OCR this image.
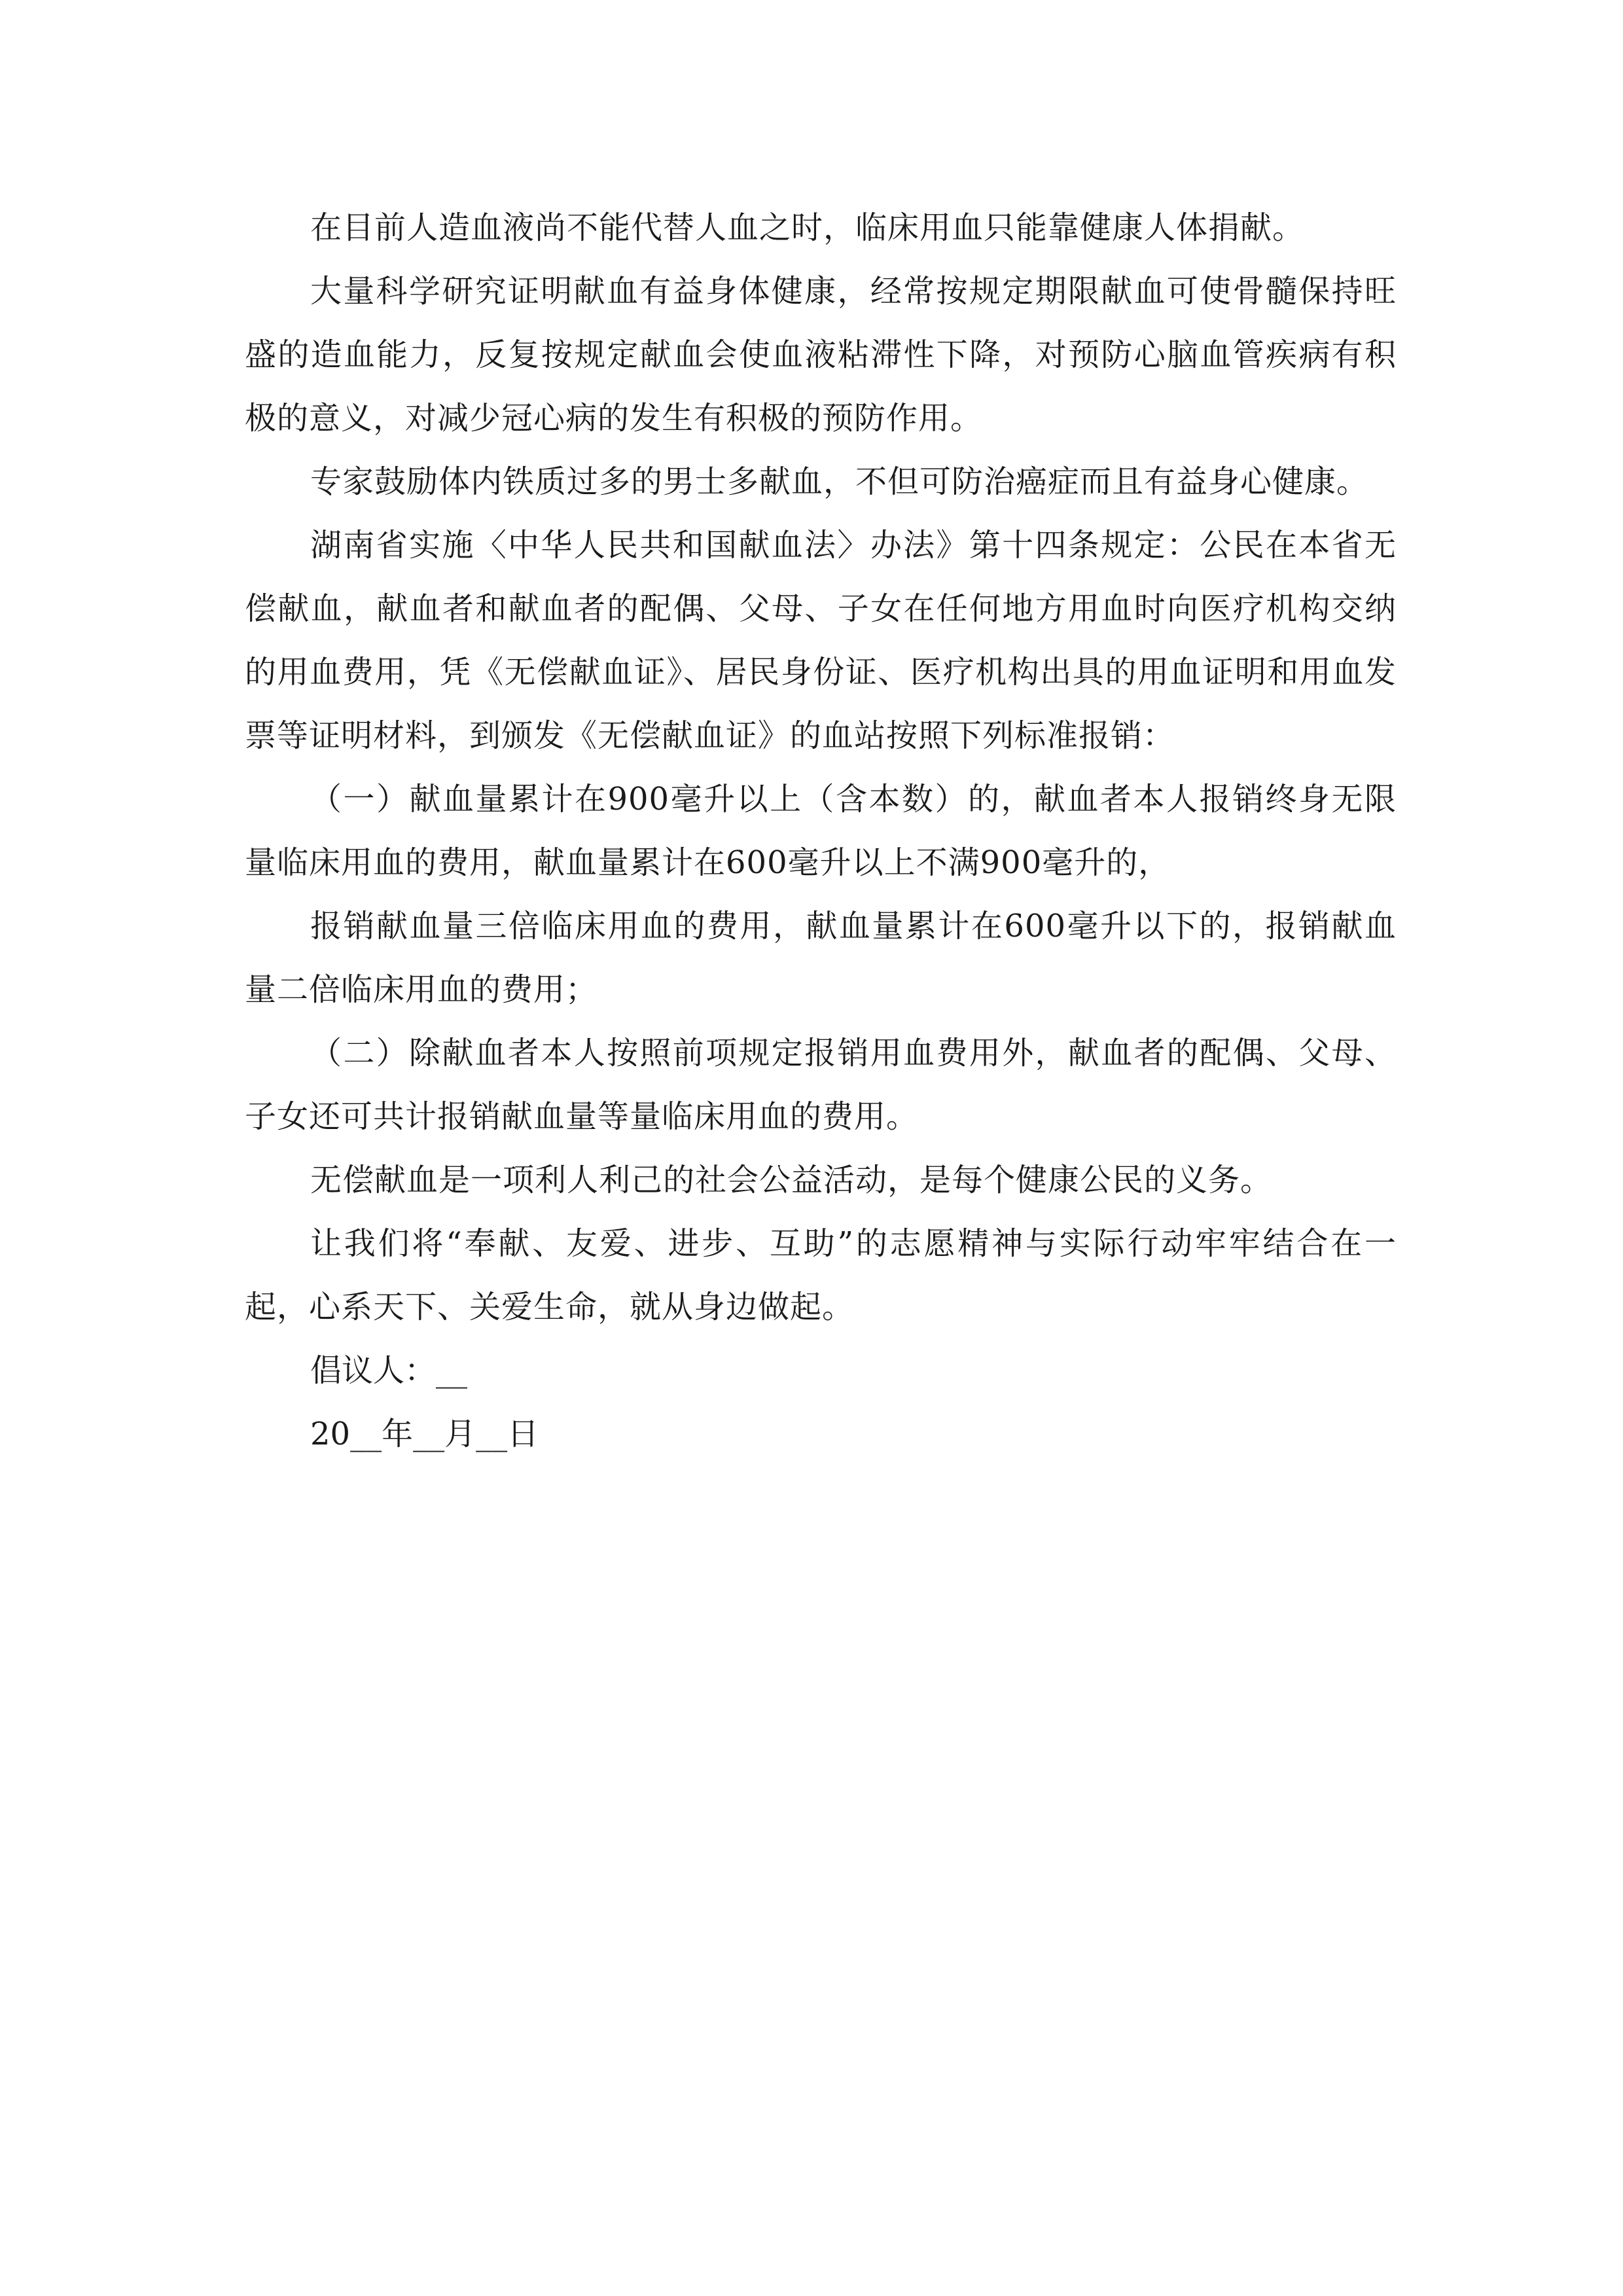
在目前人造血液尚不能代替人血之时，临床用血只能靠健康人体捐献。

大量科学研究证明献血有益身体健康，经常按规定期限献血可使骨髓保持旺盛的造血能力，反复按规定献血会使血液粘滞性下降，对预防心脑血管疾病有积极的意义，对减少冠心病的发生有积极的预防作用。

专家鼓励体内铁质过多的男士多献血，不但可防治癌症而且有益身心健康。

湖南省实施〈中华人民共和国献血法〉办法》第十四条规定：公民在本省无偿献血，献血者和献血者的配偶、父母、子女在任何地方用血时向医疗机构交纳的用血费用，凭《无偿献血证》、居民身份证、医疗机构出具的用血证明和用血发票等证明材料，到颁发《无偿献血证》的血站按照下列标准报销：

（一）献血量累计在900毫升以上（含本数）的，献血者本人报销终身无限量临床用血的费用，献血量累计在600毫升以上不满900毫升的，

报销献血量三倍临床用血的费用，献血量累计在600毫升以下的，报销献血量二倍临床用血的费用；

（二）除献血者本人按照前项规定报销用血费用外，献血者的配偶、父母、子女还可共计报销献血量等量临床用血的费用。

无偿献血是一项利人利己的社会公益活动，是每个健康公民的义务。

让我们将“奉献、友爱、进步、互助”的志愿精神与实际行动牢牢结合在一起，心系天下、关爱生命，就从身边做起。

倡议人：__

20__年__月__日
